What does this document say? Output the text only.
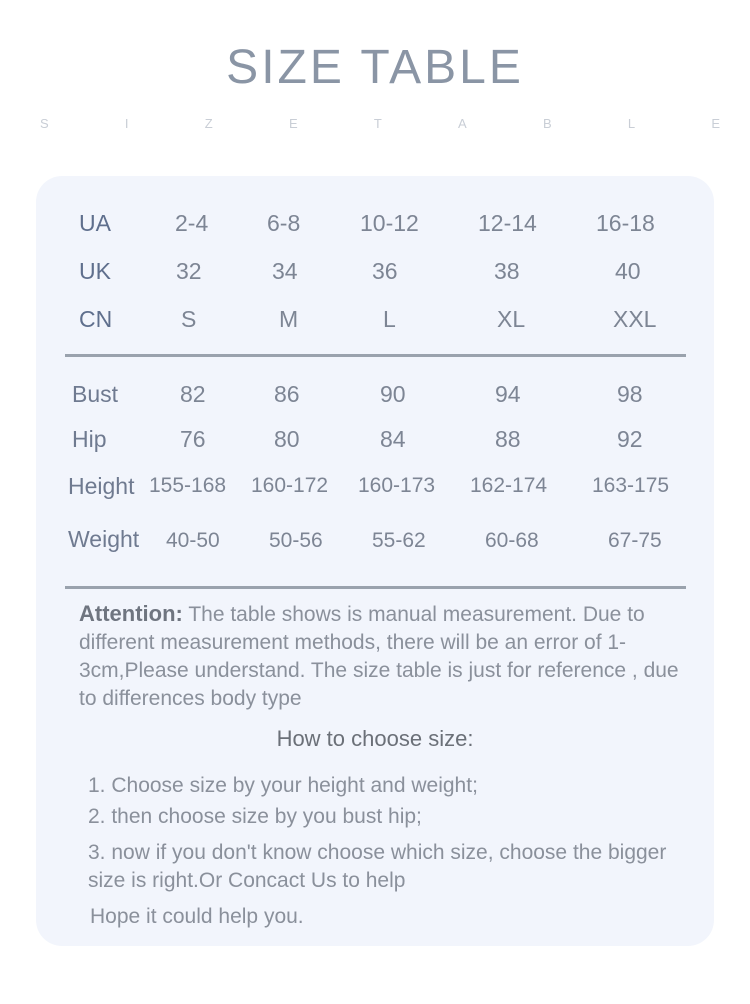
SIZE TABLE
S	I	Z	E	T	A	B	L	E
UA	2-4	6-8	10-12	12-14	16-18
UK	32	34	36	38	40
CN	S	M	L	XL	XXL
Bust	82	86	90	94	98
Hip	76	80	84	88	92
Height 155-168 160-172 160-173 162-174 163-175
Weight 40-50 50-56 55-62	60-68	67-75
Attention: The table shows is manual measurement. Due to different measurement methods, there will be an error of 1-3cm,Please understand. The size table is just for reference , due to differences body type
How to choose size:
1. Choose size by your height and weight;
2. then choose size by you bust hip;
3. now if you don't know choose which size, choose the bigger size is right.Or Concact Us to help
Hope it could help you.
